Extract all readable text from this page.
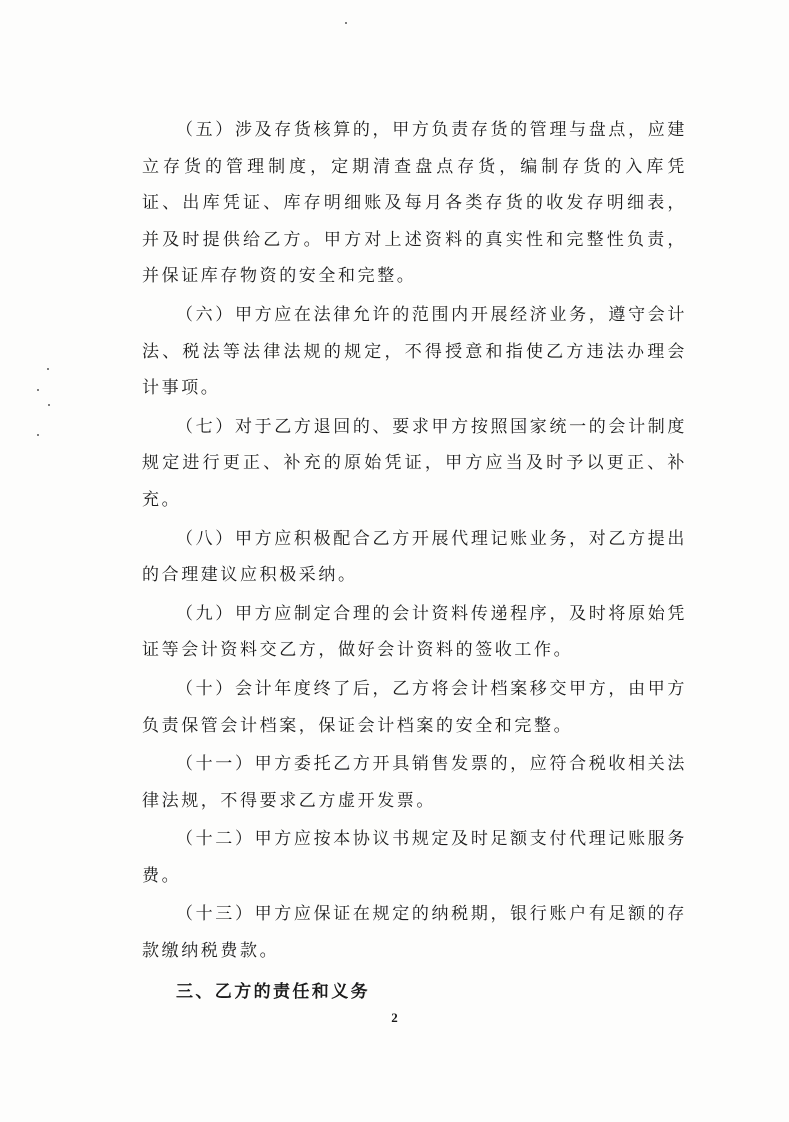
（五）涉及存货核算的，甲方负责存货的管理与盘点，应建立存货的管理制度，定期清查盘点存货，编制存货的入库凭证、出库凭证、库存明细账及每月各类存货的收发存明细表，并及时提供给乙方。甲方对上述资料的真实性和完整性负责，并保证库存物资的安全和完整。

（六）甲方应在法律允许的范围内开展经济业务，遵守会计法、税法等法律法规的规定，不得授意和指使乙方违法办理会计事项。

（七）对于乙方退回的、要求甲方按照国家统一的会计制度规定进行更正、补充的原始凭证，甲方应当及时予以更正、补充。

（八）甲方应积极配合乙方开展代理记账业务，对乙方提出的合理建议应积极采纳。

（九）甲方应制定合理的会计资料传递程序，及时将原始凭证等会计资料交乙方，做好会计资料的签收工作。

（十）会计年度终了后，乙方将会计档案移交甲方，由甲方负责保管会计档案，保证会计档案的安全和完整。

（十一）甲方委托乙方开具销售发票的，应符合税收相关法律法规，不得要求乙方虚开发票。

（十二）甲方应按本协议书规定及时足额支付代理记账服务费。

（十三）甲方应保证在规定的纳税期，银行账户有足额的存款缴纳税费款。

三、乙方的责任和义务
2
